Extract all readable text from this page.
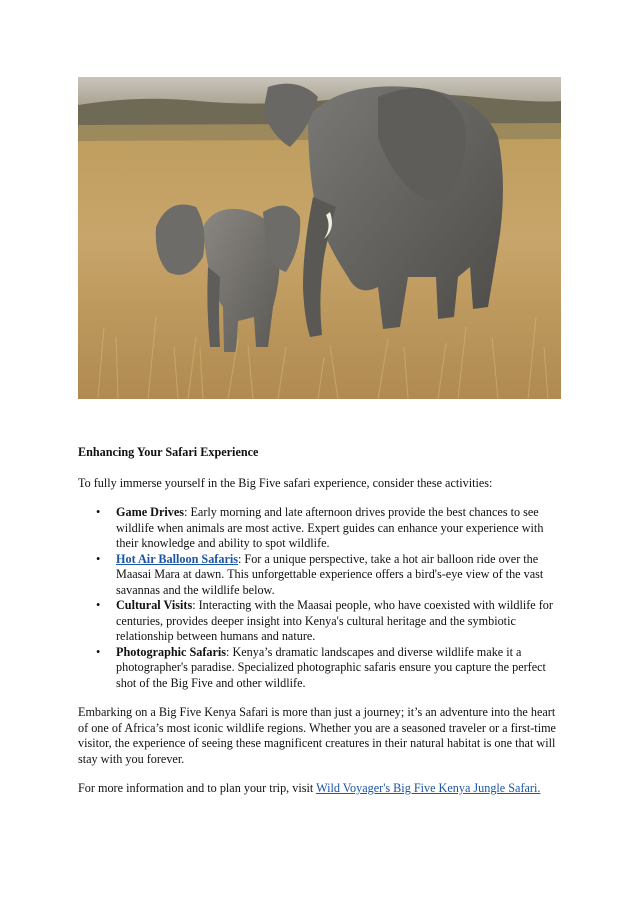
Enhancing Your Safari Experience

To fully immerse yourself in the Big Five safari experience, consider these activities:

• Game Drives: Early morning and late afternoon drives provide the best chances to see wildlife when animals are most active. Expert guides can enhance your experience with their knowledge and ability to spot wildlife.
• Hot Air Balloon Safaris: For a unique perspective, take a hot air balloon ride over the Maasai Mara at dawn. This unforgettable experience offers a bird's-eye view of the vast savannas and the wildlife below.
• Cultural Visits: Interacting with the Maasai people, who have coexisted with wildlife for centuries, provides deeper insight into Kenya's cultural heritage and the symbiotic relationship between humans and nature.
• Photographic Safaris: Kenya’s dramatic landscapes and diverse wildlife make it a photographer's paradise. Specialized photographic safaris ensure you capture the perfect shot of the Big Five and other wildlife.

Embarking on a Big Five Kenya Safari is more than just a journey; it’s an adventure into the heart of one of Africa’s most iconic wildlife regions. Whether you are a seasoned traveler or a first-time visitor, the experience of seeing these magnificent creatures in their natural habitat is one that will stay with you forever.

For more information and to plan your trip, visit Wild Voyager's Big Five Kenya Jungle Safari.
